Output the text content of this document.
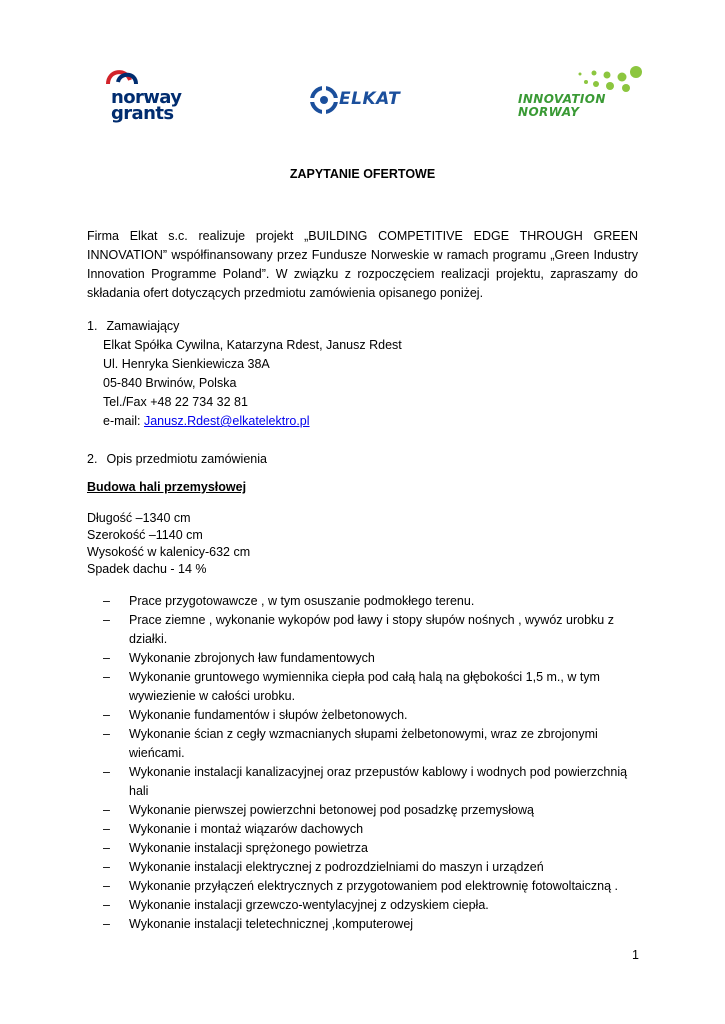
norway
grants
ELKAT	INNOVATION
NORWAY
ZAPYTANIE OFERTOWE
Firma Elkat s.c. realizuje projekt „BUILDING COMPETITIVE EDGE THROUGH GREEN INNOVATION” współfinansowany przez Fundusze Norweskie w ramach programu „Green Industry Innovation Programme Poland”. W związku z rozpoczęciem realizacji projektu, zapraszamy do składania ofert dotyczących przedmiotu zamówienia opisanego poniżej.
1. Zamawiający
Elkat Spółka Cywilna, Katarzyna Rdest, Janusz Rdest
Ul. Henryka Sienkiewicza 38A
05-840 Brwinów, Polska
Tel./Fax +48 22 734 32 81
e-mail: Janusz.Rdest@elkatelektro.pl
2. Opis przedmiotu zamówienia
Budowa hali przemysłowej
Długość –1340 cm
Szerokość –1140 cm
Wysokość w kalenicy-632 cm
Spadek dachu - 14 %
– Prace przygotowawcze , w tym osuszanie podmokłego terenu.
– Prace ziemne , wykonanie wykopów pod ławy i stopy słupów nośnych , wywóz urobku z działki.
– Wykonanie zbrojonych ław fundamentowych
– Wykonanie gruntowego wymiennika ciepła pod całą halą na głębokości 1,5 m., w tym wywiezienie w całości urobku.
– Wykonanie fundamentów i słupów żelbetonowych.
– Wykonanie ścian z cegły wzmacnianych słupami żelbetonowymi, wraz ze zbrojonymi wieńcami.
– Wykonanie instalacji kanalizacyjnej oraz przepustów kablowy i wodnych pod powierzchnią hali
– Wykonanie pierwszej powierzchni betonowej pod posadzkę przemysłową
– Wykonanie i montaż wiązarów dachowych
– Wykonanie instalacji sprężonego powietrza
– Wykonanie instalacji elektrycznej z podrozdzielniami do maszyn i urządzeń
– Wykonanie przyłączeń elektrycznych z przygotowaniem pod elektrownię fotowoltaiczną .
– Wykonanie instalacji grzewczo-wentylacyjnej z odzyskiem ciepła.
– Wykonanie instalacji teletechnicznej ,komputerowej
1
